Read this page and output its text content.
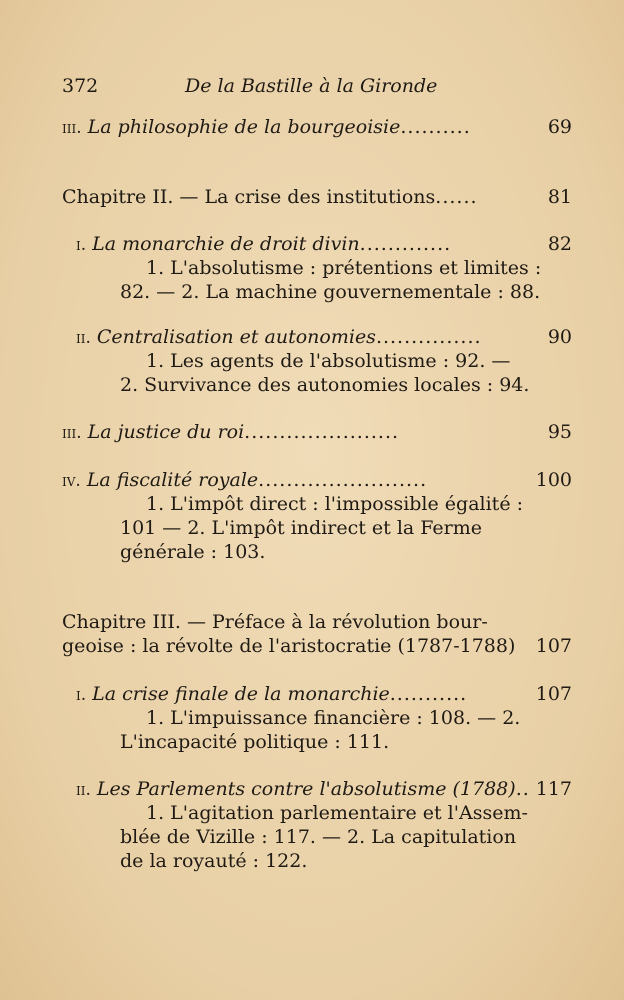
372	De la Bastille à la Gironde
iii. La philosophie de la bourgeoisie..........	69
Chapitre II. — La crise des institutions......	81
i. La monarchie de droit divin.............	82
1. L'absolutisme : prétentions et limites :
82. — 2. La machine gouvernementale : 88.
ii. Centralisation et autonomies...............	90
1. Les agents de l'absolutisme : 92. —
2. Survivance des autonomies locales : 94.
iii. La justice du roi......................	95
iv. La fiscalité royale........................	100
1. L'impôt direct : l'impossible égalité :
101 — 2. L'impôt indirect et la Ferme
générale : 103.
Chapitre III. — Préface à la révolution bour-
geoise : la révolte de l'aristocratie (1787-1788)	107
i. La crise finale de la monarchie...........	107
1. L'impuissance financière : 108. — 2.
L'incapacité politique : 111.
ii. Les Parlements contre l'absolutisme (1788).. 117
1. L'agitation parlementaire et l'Assem-
blée de Vizille : 117. — 2. La capitulation
de la royauté : 122.
